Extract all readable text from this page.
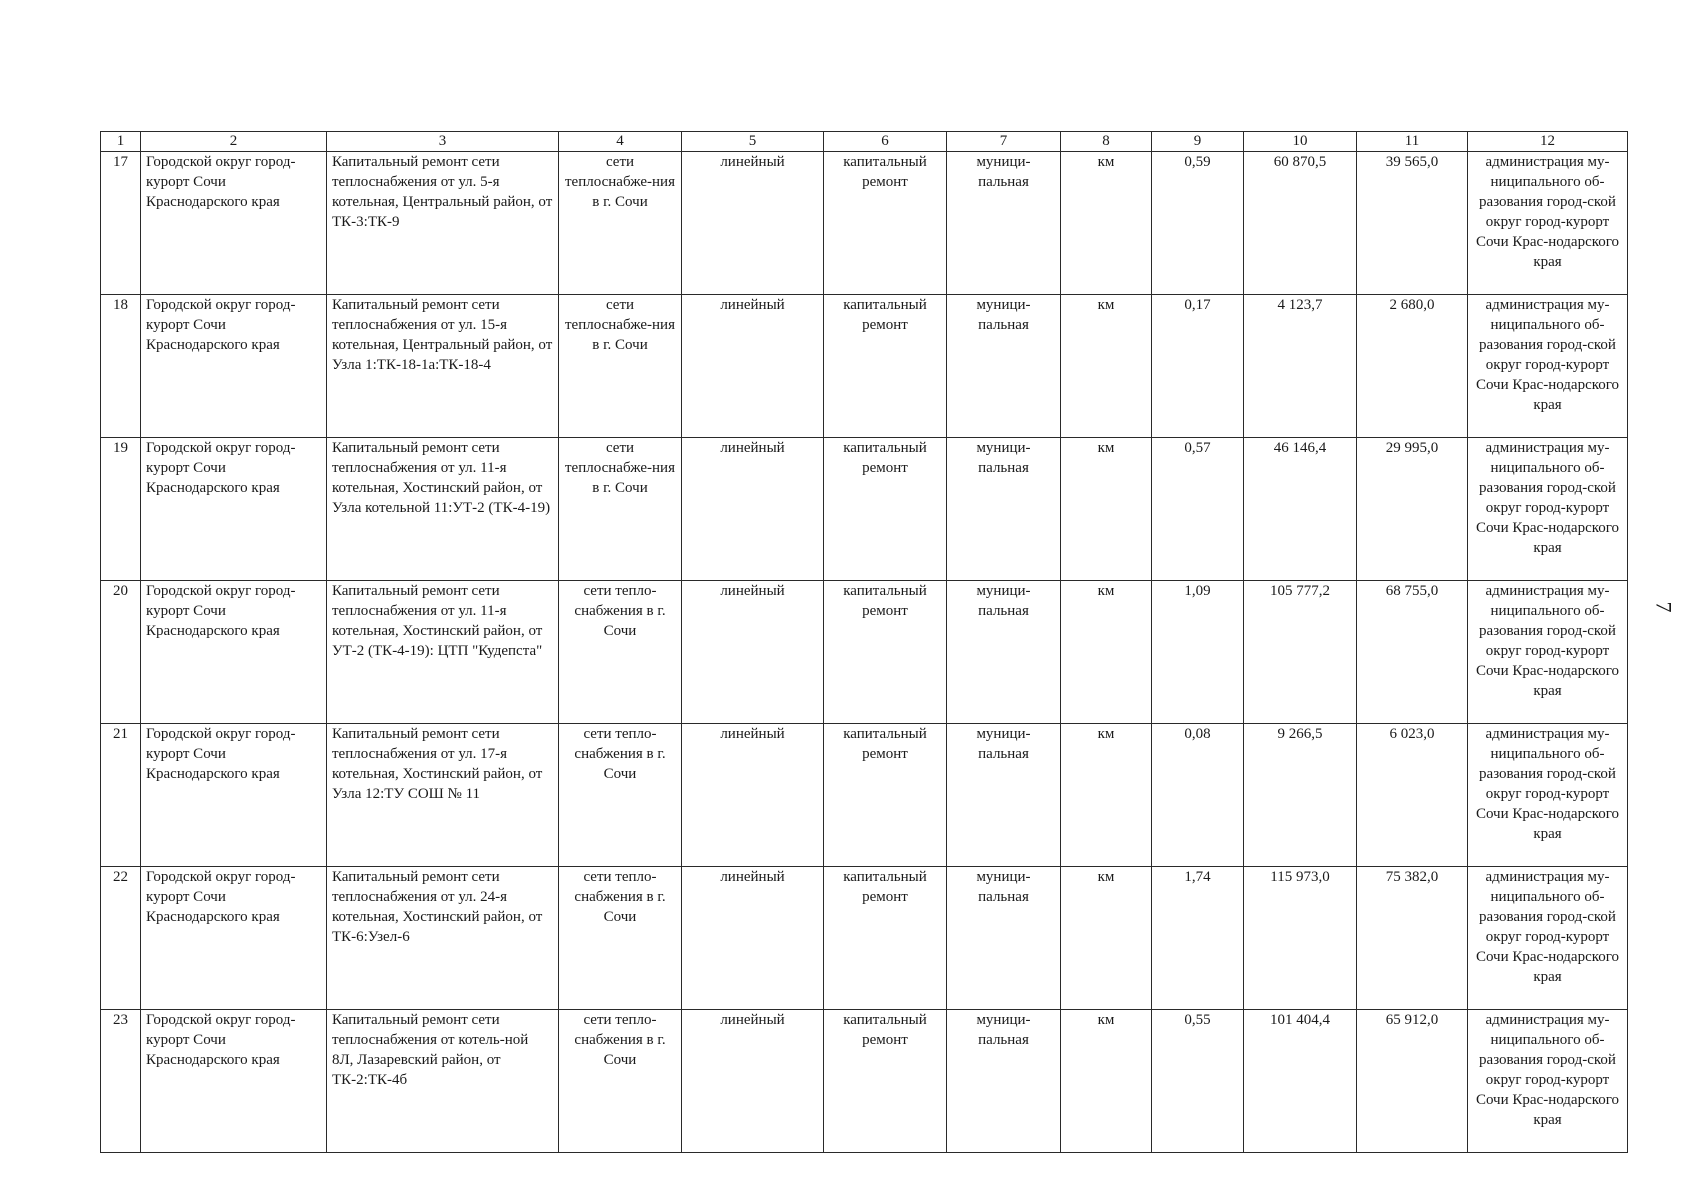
7
1	2	3	4	5	6	7	8	9	10	11	12
17	Городской округ город-курорт Сочи Краснодарского края	Капитальный ремонт сети теплоснабжения от ул. 5-я котельная, Центральный район, от ТК-3:ТК-9	сети теплоснабже-ния в г. Сочи	линейный	капитальный ремонт	муници-пальная	км	0,59	60 870,5	39 565,0	администрация му-ниципального об-разования город-ской округ город-курорт Сочи Крас-нодарского края
18	Городской округ город-курорт Сочи Краснодарского края	Капитальный ремонт сети теплоснабжения от ул. 15-я котельная, Центральный район, от Узла 1:ТК-18-1а:ТК-18-4	сети теплоснабже-ния в г. Сочи	линейный	капитальный ремонт	муници-пальная	км	0,17	4 123,7	2 680,0	администрация му-ниципального об-разования город-ской округ город-курорт Сочи Крас-нодарского края
19	Городской округ город-курорт Сочи Краснодарского края	Капитальный ремонт сети теплоснабжения от ул. 11-я котельная, Хостинский район, от Узла котельной 11:УТ-2 (ТК-4-19)	сети теплоснабже-ния в г. Сочи	линейный	капитальный ремонт	муници-пальная	км	0,57	46 146,4	29 995,0	администрация му-ниципального об-разования город-ской округ город-курорт Сочи Крас-нодарского края
20	Городской округ город-курорт Сочи Краснодарского края	Капитальный ремонт сети теплоснабжения от ул. 11-я котельная, Хостинский район, от УТ-2 (ТК-4-19): ЦТП "Кудепста"	сети тепло-снабжения в г. Сочи	линейный	капитальный ремонт	муници-пальная	км	1,09	105 777,2	68 755,0	администрация му-ниципального об-разования город-ской округ город-курорт Сочи Крас-нодарского края
21	Городской округ город-курорт Сочи Краснодарского края	Капитальный ремонт сети теплоснабжения от ул. 17-я котельная, Хостинский район, от Узла 12:ТУ СОШ № 11	сети тепло-снабжения в г. Сочи	линейный	капитальный ремонт	муници-пальная	км	0,08	9 266,5	6 023,0	администрация му-ниципального об-разования город-ской округ город-курорт Сочи Крас-нодарского края
22	Городской округ город-курорт Сочи Краснодарского края	Капитальный ремонт сети теплоснабжения от ул. 24-я котельная, Хостинский район, от ТК-6:Узел-6	сети тепло-снабжения в г. Сочи	линейный	капитальный ремонт	муници-пальная	км	1,74	115 973,0	75 382,0	администрация му-ниципального об-разования город-ской округ город-курорт Сочи Крас-нодарского края
23	Городской округ город-курорт Сочи Краснодарского края	Капитальный ремонт сети теплоснабжения от котель-ной 8Л, Лазаревский район, от ТК-2:ТК-4б	сети тепло-снабжения в г. Сочи	линейный	капитальный ремонт	муници-пальная	км	0,55	101 404,4	65 912,0	администрация му-ниципального об-разования город-ской округ город-курорт Сочи Крас-нодарского края
